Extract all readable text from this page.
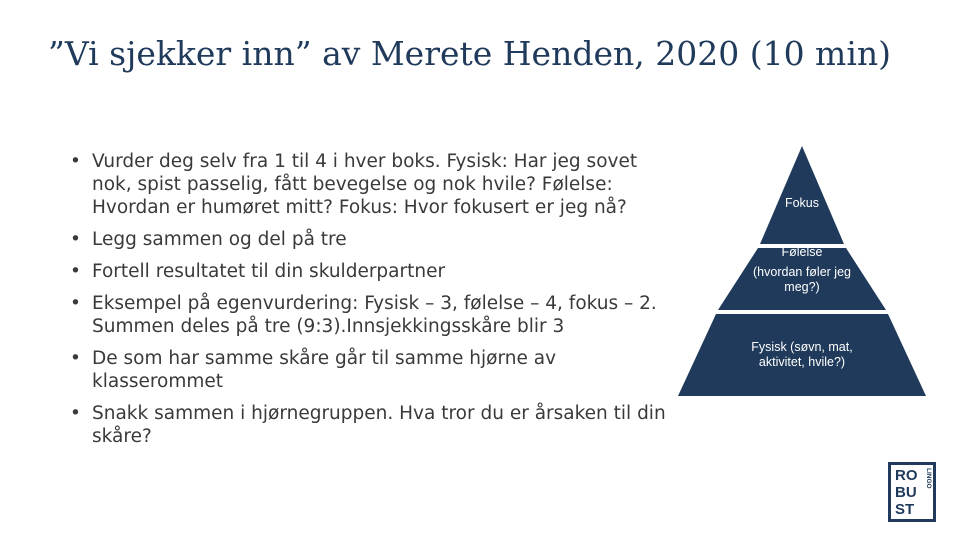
”Vi sjekker inn” av Merete Henden, 2020 (10 min)
• Vurder deg selv fra 1 til 4 i hver boks. Fysisk: Har jeg sovet nok, spist passelig, fått bevegelse og nok hvile? Følelse: Hvordan er humøret mitt? Fokus: Hvor fokusert er jeg nå?
• Legg sammen og del på tre
• Fortell resultatet til din skulderpartner
• Eksempel på egenvurdering: Fysisk – 3, følelse – 4, fokus – 2. Summen deles på tre (9:3).Innsjekkingsskåre blir 3
• De som har samme skåre går til samme hjørne av klasserommet
• Snakk sammen i hjørnegruppen. Hva tror du er årsaken til din skåre?
Fokus
Følelse
(hvordan føler jeg meg?)
Fysisk (søvn, mat, aktivitet, hvile?)
RO
BU
ST
LINGO
